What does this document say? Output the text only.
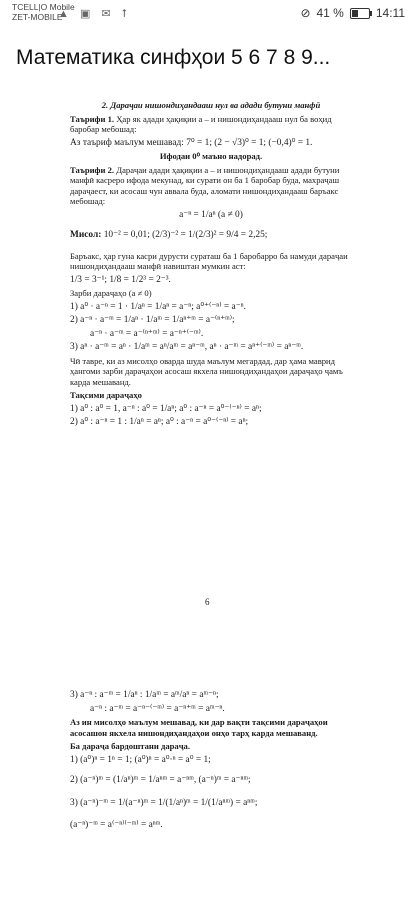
TCELL|O Mobile
ZET-MOBILE
▲ ▣ ✉ ⭡	⊘ 41 %	14:11
Математика синфҳои 5 6 7 8 9...

2. Дараҷаи нишондиҳандааш нул ва адади бутуни манфӣ

Таърифи 1. Ҳар як адади ҳақиқии a – и нишондиҳандааш нул ба воҳид баробар мебошад:

Аз таъриф маълум мешавад: 7⁰ = 1; (2 − √3)⁰ = 1; (−0,4)⁰ = 1.

Ифодаи 0⁰ маъно надорад.

Таърифи 2. Дараҷаи адади ҳақиқии a – и нишондиҳандааш адади бутуни манфӣ касреро ифода мекунад, ки сурати он ба 1 баробар буда, махраҷаш дараҷаест, ки асосаш чун аввала буда, аломати нишондиҳандааш баръакс мебошад:

a⁻ⁿ = 1/aⁿ (a ≠ 0)

Мисол: 10⁻² = 0,01; (2/3)⁻² = 1/(2/3)² = 9/4 = 2,25;

Баръакс, ҳар гуна касри дурусти сураташ ба 1 баробарро ба намуди дараҷаи нишондиҳандааш манфӣ навиштан мумкин аст:

1/3 = 3⁻¹; 1/8 = 1/2³ = 2⁻³.

Зарби дараҷаҳо (a ≠ 0)

1) a⁰ · a⁻ⁿ = 1 · 1/aⁿ = 1/aⁿ = a⁻ⁿ; a⁰⁺⁽⁻ⁿ⁾ = a⁻ⁿ.

2) a⁻ⁿ · a⁻ᵐ = 1/aⁿ · 1/aᵐ = 1/aⁿ⁺ᵐ = a⁻⁽ⁿ⁺ᵐ⁾;

a⁻ⁿ · a⁻ᵐ = a⁻⁽ⁿ⁺ᵐ⁾ = a⁻ⁿ⁺⁽⁻ᵐ⁾.

3) aⁿ · a⁻ᵐ = aⁿ · 1/aᵐ = aⁿ/aᵐ = aⁿ⁻ᵐ, aⁿ · a⁻ᵐ = aⁿ⁺⁽⁻ᵐ⁾ = aⁿ⁻ᵐ.

Чӣ тавре, ки аз мисолҳо оварда шуда маълум мегардад, дар ҳама маврид ҳангоми зарби дараҷаҳои асосаш якхела нишондиҳандаҳои дараҷаҳо ҷамъ карда мешаванд.

Тақсими дараҷаҳо

1) a⁰ : a⁰ = 1, a⁻ⁿ : a⁰ = 1/aⁿ; a⁰ : a⁻ⁿ = a⁰⁻⁽⁻ⁿ⁾ = aⁿ;

2) a⁰ : a⁻ⁿ = 1 : 1/aⁿ = aⁿ; a⁰ : a⁻ⁿ = a⁰⁻⁽⁻ⁿ⁾ = aⁿ;

6

3) a⁻ⁿ : a⁻ᵐ = 1/aⁿ : 1/aᵐ = aᵐ/aⁿ = aᵐ⁻ⁿ;

a⁻ⁿ : a⁻ᵐ = a⁻ⁿ⁻⁽⁻ᵐ⁾ = a⁻ⁿ⁺ᵐ = aᵐ⁻ⁿ.

Аз ин мисолҳо маълум мешавад, ки дар вақти тақсими дараҷаҳои асосашон якхела нишондиҳандаҳои онҳо тарҳ карда мешаванд.

Ба дараҷа бардоштани дараҷа.

1) (a⁰)ⁿ = 1ⁿ = 1; (a⁰)ⁿ = a⁰·ⁿ = a⁰ = 1;

2) (a⁻ⁿ)ᵐ = (1/aⁿ)ᵐ = 1/aⁿᵐ = a⁻ⁿᵐ, (a⁻ⁿ)ᵐ = a⁻ⁿᵐ;

3) (a⁻ⁿ)⁻ᵐ = 1/(a⁻ⁿ)ᵐ = 1/(1/aⁿ)ᵐ = 1/(1/aⁿᵐ) = aⁿᵐ;

(a⁻ⁿ)⁻ᵐ = a⁽⁻ⁿ⁾⁽⁻ᵐ⁾ = aⁿᵐ.
